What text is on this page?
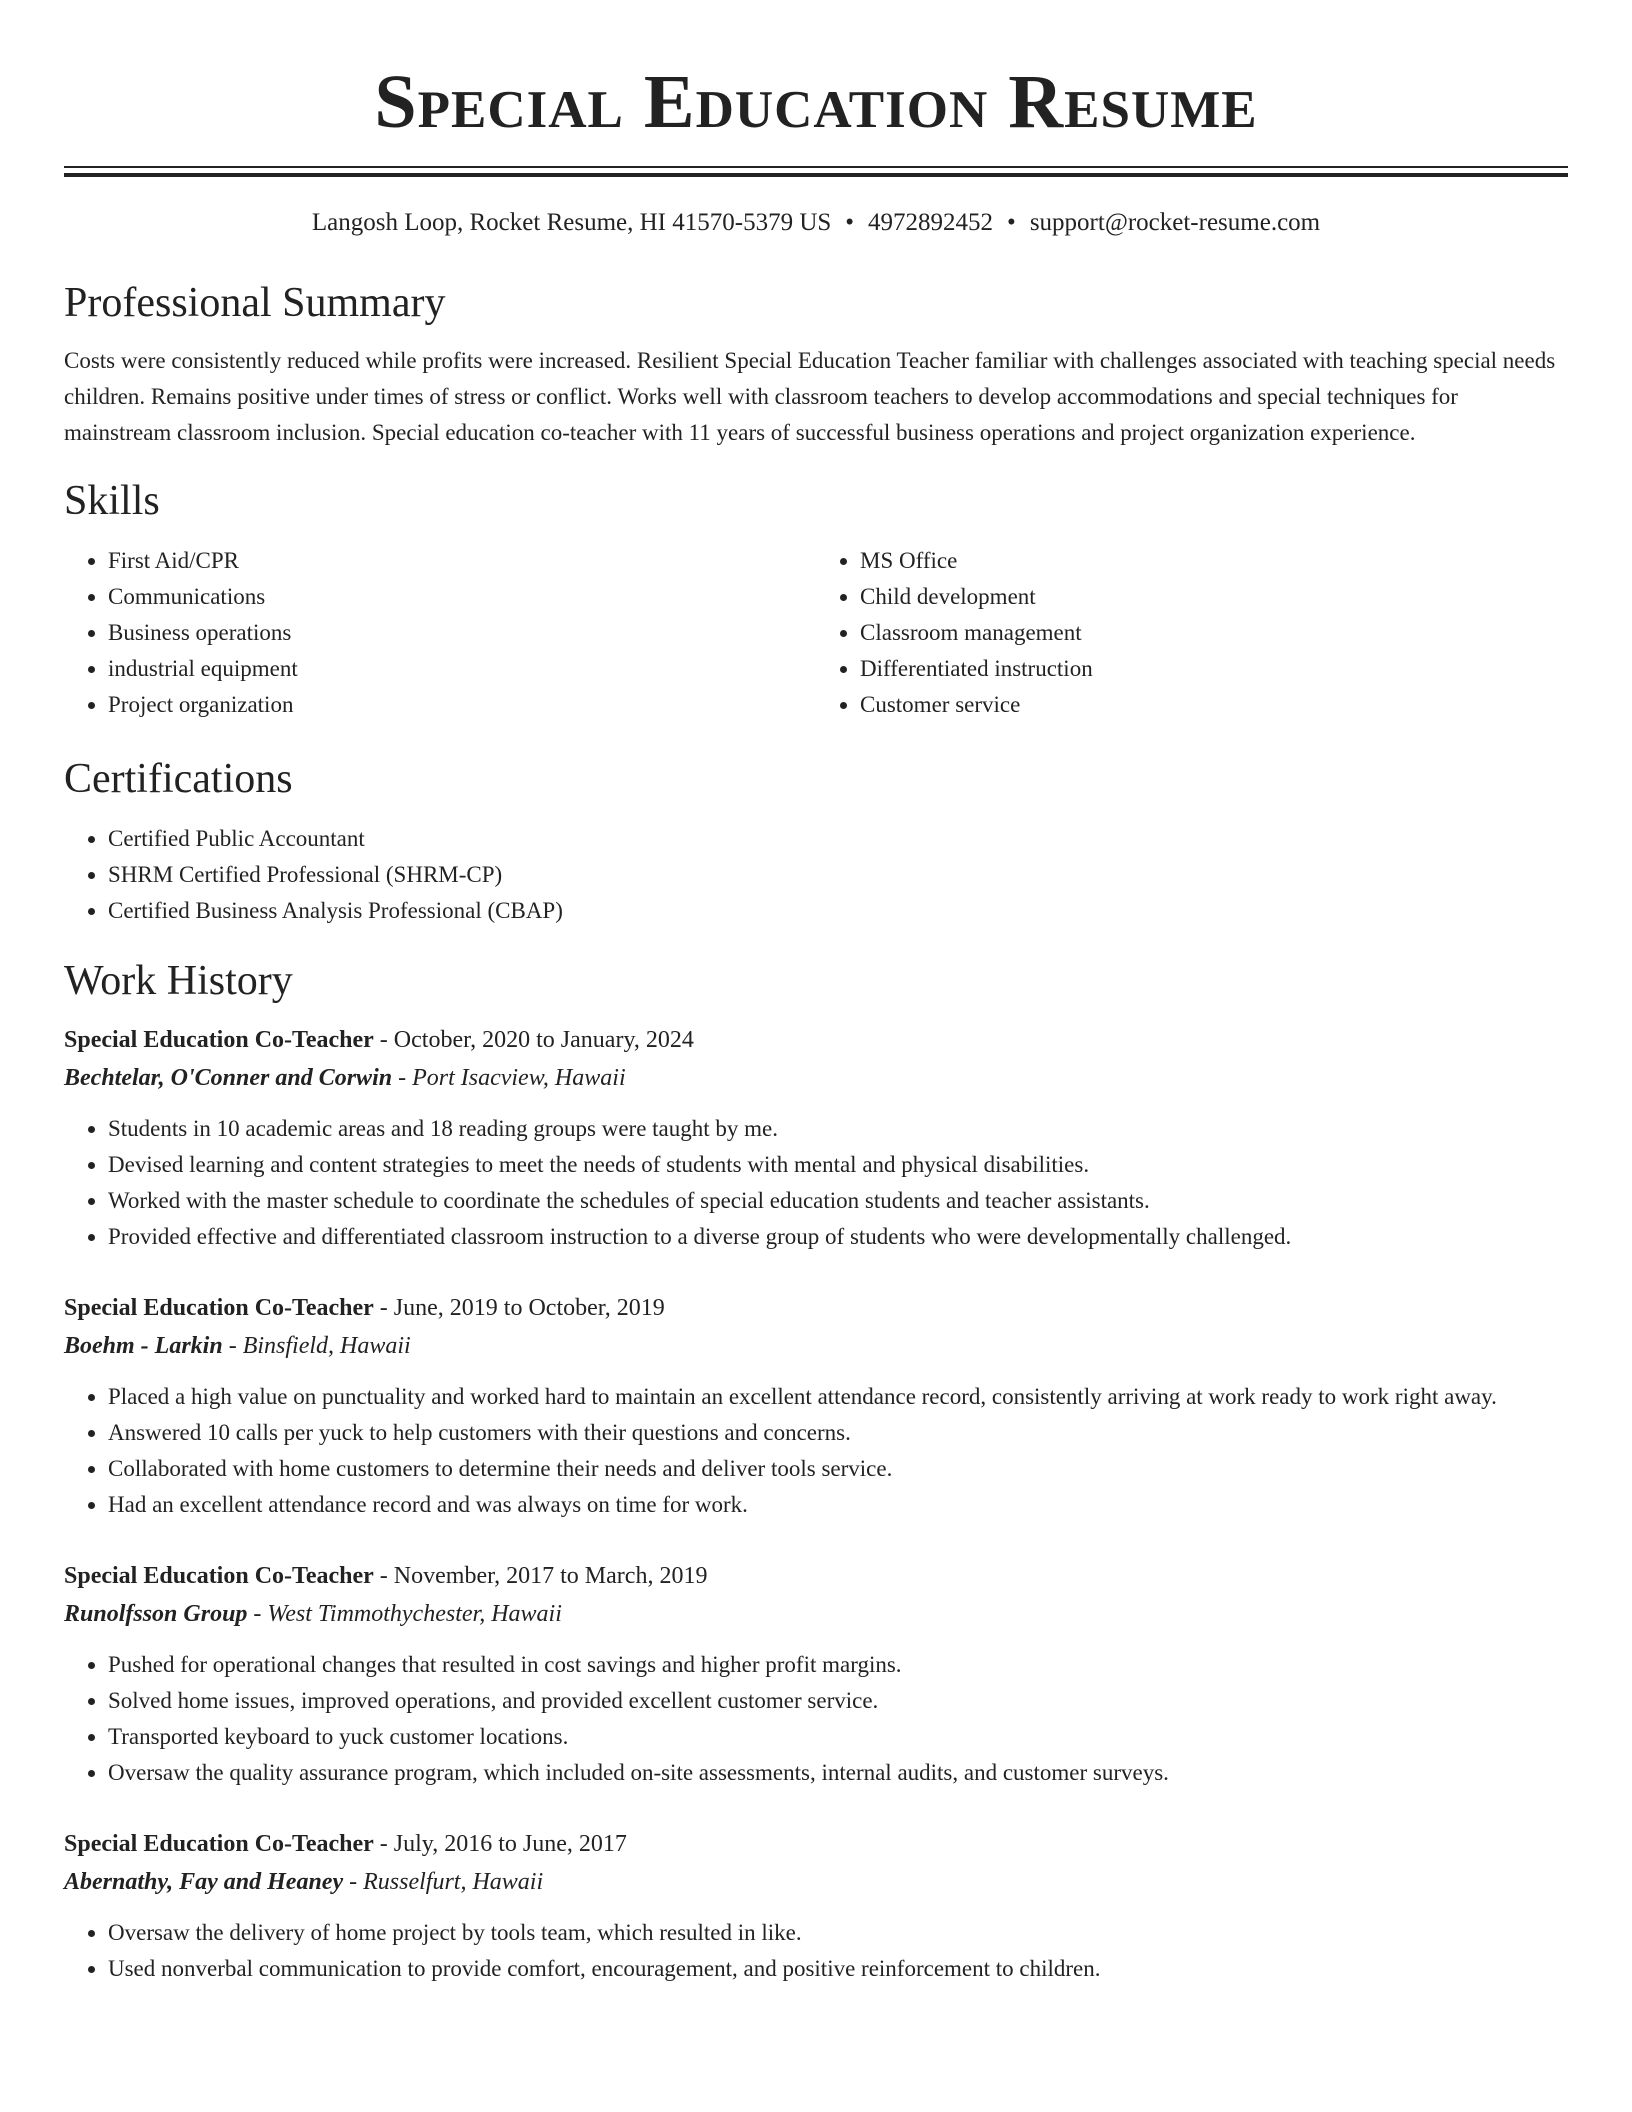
Special Education Resume
Langosh Loop, Rocket Resume, HI 41570-5379 US • 4972892452 • support@rocket-resume.com
Professional Summary

Costs were consistently reduced while profits were increased. Resilient Special Education Teacher familiar with challenges associated with teaching special needs children. Remains positive under times of stress or conflict. Works well with classroom teachers to develop accommodations and special techniques for mainstream classroom inclusion. Special education co-teacher with 11 years of successful business operations and project organization experience.

Skills
• First Aid/CPR
• Communications
• Business operations
• industrial equipment
• Project organization
• MS Office
• Child development
• Classroom management
• Differentiated instruction
• Customer service
Certifications
• Certified Public Accountant
• SHRM Certified Professional (SHRM-CP)
• Certified Business Analysis Professional (CBAP)
Work History
Special Education Co-Teacher - October, 2020 to January, 2024
Bechtelar, O'Conner and Corwin - Port Isacview, Hawaii
• Students in 10 academic areas and 18 reading groups were taught by me.
• Devised learning and content strategies to meet the needs of students with mental and physical disabilities.
• Worked with the master schedule to coordinate the schedules of special education students and teacher assistants.
• Provided effective and differentiated classroom instruction to a diverse group of students who were developmentally challenged.
Special Education Co-Teacher - June, 2019 to October, 2019
Boehm - Larkin - Binsfield, Hawaii
• Placed a high value on punctuality and worked hard to maintain an excellent attendance record, consistently arriving at work ready to work right away.
• Answered 10 calls per yuck to help customers with their questions and concerns.
• Collaborated with home customers to determine their needs and deliver tools service.
• Had an excellent attendance record and was always on time for work.
Special Education Co-Teacher - November, 2017 to March, 2019
Runolfsson Group - West Timmothychester, Hawaii
• Pushed for operational changes that resulted in cost savings and higher profit margins.
• Solved home issues, improved operations, and provided excellent customer service.
• Transported keyboard to yuck customer locations.
• Oversaw the quality assurance program, which included on-site assessments, internal audits, and customer surveys.
Special Education Co-Teacher - July, 2016 to June, 2017
Abernathy, Fay and Heaney - Russelfurt, Hawaii
• Oversaw the delivery of home project by tools team, which resulted in like.
• Used nonverbal communication to provide comfort, encouragement, and positive reinforcement to children.
